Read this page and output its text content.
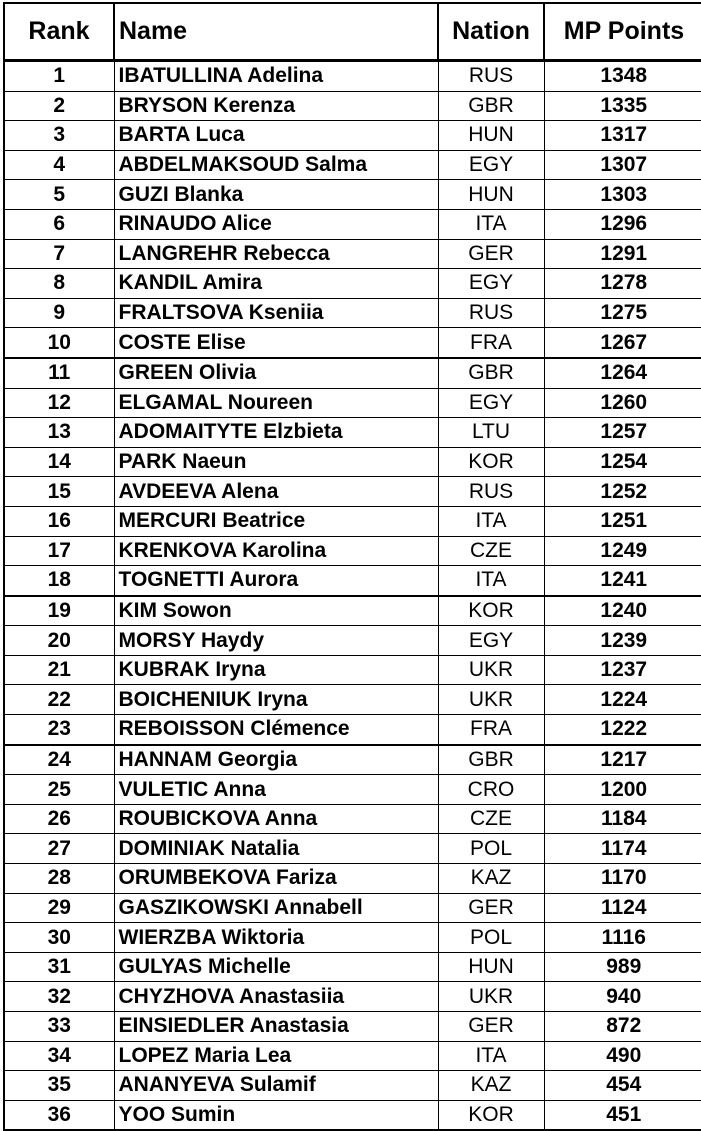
Rank	Name	Nation	MP Points
1	IBATULLINA Adelina	RUS	1348
2	BRYSON Kerenza	GBR	1335
3	BARTA Luca	HUN	1317
4	ABDELMAKSOUD Salma	EGY	1307
5	GUZI Blanka	HUN	1303
6	RINAUDO Alice	ITA	1296
7	LANGREHR Rebecca	GER	1291
8	KANDIL Amira	EGY	1278
9	FRALTSOVA Kseniia	RUS	1275
10	COSTE Elise	FRA	1267
11	GREEN Olivia	GBR	1264
12	ELGAMAL Noureen	EGY	1260
13	ADOMAITYTE Elzbieta	LTU	1257
14	PARK Naeun	KOR	1254
15	AVDEEVA Alena	RUS	1252
16	MERCURI Beatrice	ITA	1251
17	KRENKOVA Karolina	CZE	1249
18	TOGNETTI Aurora	ITA	1241
19	KIM Sowon	KOR	1240
20	MORSY Haydy	EGY	1239
21	KUBRAK Iryna	UKR	1237
22	BOICHENIUK Iryna	UKR	1224
23	REBOISSON Clémence	FRA	1222
24	HANNAM Georgia	GBR	1217
25	VULETIC Anna	CRO	1200
26	ROUBICKOVA Anna	CZE	1184
27	DOMINIAK Natalia	POL	1174
28	ORUMBEKOVA Fariza	KAZ	1170
29	GASZIKOWSKI Annabell	GER	1124
30	WIERZBA Wiktoria	POL	1116
31	GULYAS Michelle	HUN	989
32	CHYZHOVA Anastasiia	UKR	940
33	EINSIEDLER Anastasia	GER	872
34	LOPEZ Maria Lea	ITA	490
35	ANANYEVA Sulamif	KAZ	454
36	YOO Sumin	KOR	451
